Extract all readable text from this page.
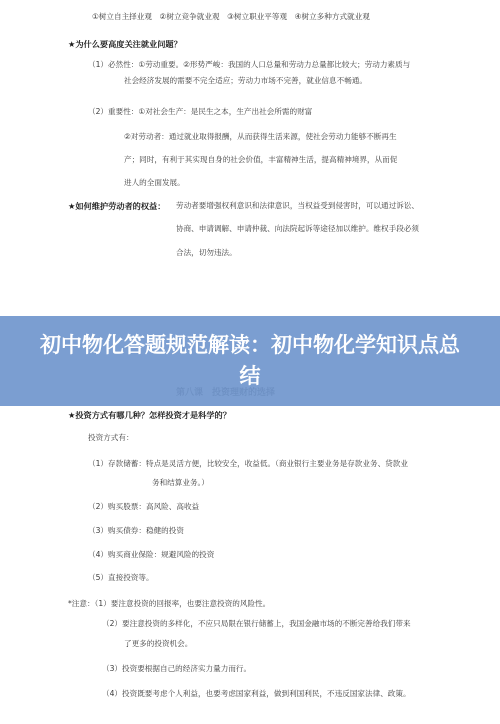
①树立自主择业观　②树立竞争就业观　③树立职业平等观　④树立多种方式就业观
★为什么要高度关注就业问题？
（1）必然性：①劳动重要。②形势严峻：我国的人口总量和劳动力总量都比较大；劳动力素质与
社会经济发展的需要不完全适应；劳动力市场不完善，就业信息不畅通。
（2）重要性：①对社会生产：是民生之本，生产出社会所需的财富
②对劳动者：通过就业取得报酬，从而获得生活来源，使社会劳动力能够不断再生
产；同时，有利于其实现自身的社会价值，丰富精神生活，提高精神境界，从而促
进人的全面发展。
★如何维护劳动者的权益： 劳动者要增强权利意识和法律意识，当权益受到侵害时，可以通过诉讼、
协商、申请调解、申请仲裁、向法院起诉等途径加以维护。维权手段必须
合法，切勿违法。
★投资方式有哪几种？怎样投资才是科学的？
投资方式有：
（1）存款储蓄：特点是灵活方便，比较安全，收益低。（商业银行主要业务是存款业务、贷款业
务和结算业务。）
（2）购买股票：高风险、高收益
（3）购买债券：稳健的投资
（4）购买商业保险：规避风险的投资
（5）直接投资等。
*注意：（1）要注意投资的回报率，也要注意投资的风险性。
（2）要注意投资的多样化，不应只局限在银行储蓄上，我国金融市场的不断完善给我们带来
了更多的投资机会。
（3）投资要根据自己的经济实力量力而行。
（4）投资既要考虑个人利益，也要考虑国家利益，做到利国利民，不违反国家法律、政策。
初中物化答题规范解读：初中物化学知识点总结
